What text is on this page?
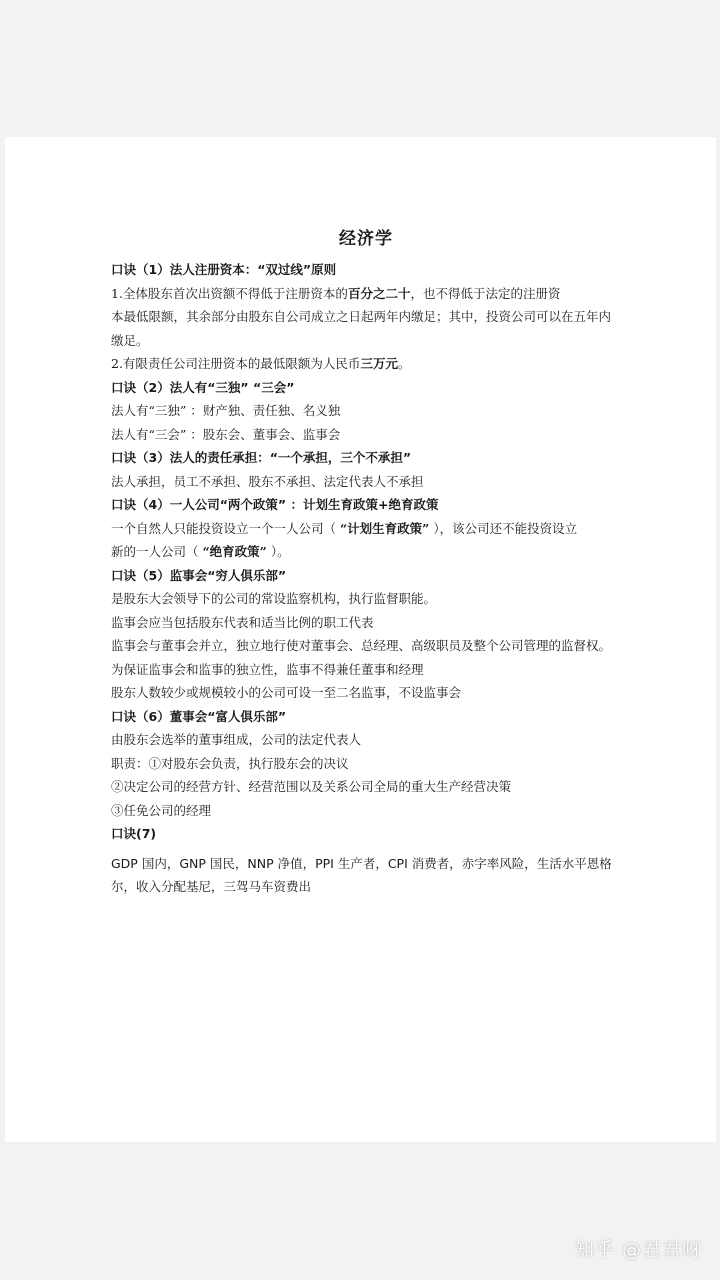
经济学
口诀（1）法人注册资本：“双过线”原则
1.全体股东首次出资额不得低于注册资本的百分之二十，也不得低于法定的注册资
本最低限额，其余部分由股东自公司成立之日起两年内缴足；其中，投资公司可以在五年内
缴足。
2.有限责任公司注册资本的最低限额为人民币三万元。
口诀（2）法人有“三独” “三会”
法人有“三独” ：财产独、责任独、名义独
法人有“三会” ：股东会、董事会、监事会
口诀（3）法人的责任承担：“一个承担，三个不承担”
法人承担，员工不承担、股东不承担、法定代表人不承担
口诀（4）一人公司“两个政策” ：计划生育政策+绝育政策
一个自然人只能投资设立一个一人公司（ “计划生育政策” ），该公司还不能投资设立
新的一人公司（ “绝育政策” ）。
口诀（5）监事会“穷人俱乐部”
是股东大会领导下的公司的常设监察机构，执行监督职能。
监事会应当包括股东代表和适当比例的职工代表
监事会与董事会并立，独立地行使对董事会、总经理、高级职员及整个公司管理的监督权。
为保证监事会和监事的独立性，监事不得兼任董事和经理
股东人数较少或规模较小的公司可设一至二名监事，不设监事会
口诀（6）董事会“富人俱乐部”
由股东会选举的董事组成，公司的法定代表人
职责：①对股东会负责，执行股东会的决议
②决定公司的经营方针、经营范围以及关系公司全局的重大生产经营决策
③任免公司的经理
口诀(7)
GDP 国内，GNP 国民，NNP 净值，PPI 生产者，CPI 消费者，赤字率风险，生活水平恩格
尔，收入分配基尼，三驾马车资费出
知乎 @君君呀
